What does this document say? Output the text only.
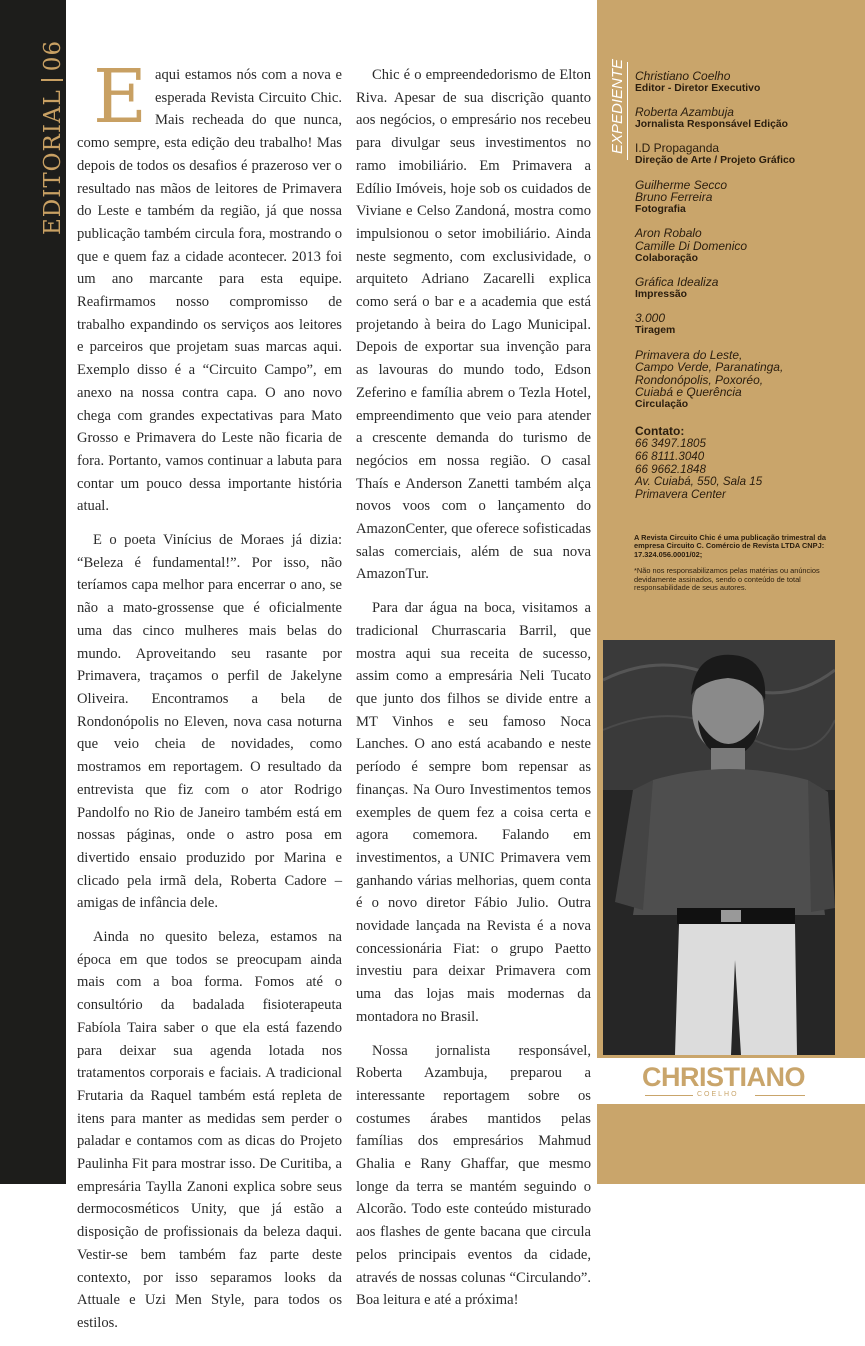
EDITORIAL06 Eaqui estamos nós com a nova e esperada Revista Circuito Chic. Mais recheada do que nunca, como sempre, esta edição deu trabalho! Mas depois de todos os desafios é prazeroso ver o resultado nas mãos de leitores de Primavera do Leste e também da região, já que nossa publicação também circula fora, mostrando o que e quem faz a cidade acontecer. 2013 foi um ano marcante para esta equipe. Reafirmamos nosso compromisso de trabalho expandindo os serviços aos leitores e parceiros que projetam suas marcas aqui. Exemplo disso é a “Circuito Campo”, em anexo na nossa contra capa. O ano novo chega com grandes expectativas para Mato Grosso e Primavera do Leste não ficaria de fora. Portanto, vamos continuar a labuta para contar um pouco dessa importante história atual.

E o poeta Vinícius de Moraes já dizia: “Beleza é fundamental!”. Por isso, não teríamos capa melhor para encerrar o ano, se não a mato-grossense que é oficialmente uma das cinco mulheres mais belas do mundo. Aproveitando seu rasante por Primavera, traçamos o perfil de Jakelyne Oliveira. Encontramos a bela de Rondonópolis no Eleven, nova casa noturna que veio cheia de novidades, como mostramos em reportagem. O resultado da entrevista que fiz com o ator Rodrigo Pandolfo no Rio de Janeiro também está em nossas páginas, onde o astro posa em divertido ensaio produzido por Marina e clicado pela irmã dela, Roberta Cadore –amigas de infância dele.

Ainda no quesito beleza, estamos na época em que todos se preocupam ainda mais com a boa forma. Fomos até o consultório da badalada fisioterapeuta Fabíola Taira saber o que ela está fazendo para deixar sua agenda lotada nos tratamentos corporais e faciais. A tradicional Frutaria da Raquel também está repleta de itens para manter as medidas sem perder o paladar e contamos com as dicas do Projeto Paulinha Fit para mostrar isso. De Curitiba, a empresária Taylla Zanoni explica sobre seus dermocosméticos Unity, que já estão a disposição de profissionais da beleza daqui. Vestir-se bem também faz parte deste contexto, por isso separamos looks da Attuale e Uzi Men Style, para todos os estilos.

Chic é o empreendedorismo de Elton Riva. Apesar de sua discrição quanto aos negócios, o empresário nos recebeu para divulgar seus investimentos no ramo imobiliário. Em Primavera a Edílio Imóveis, hoje sob os cuidados de Viviane e Celso Zandoná, mostra como impulsionou o setor imobiliário. Ainda neste segmento, com exclusividade, o arquiteto Adriano Zacarelli explica como será o bar e a academia que está projetando à beira do Lago Municipal. Depois de exportar sua invenção para as lavouras do mundo todo, Edson Zeferino e família abrem o Tezla Hotel, empreendimento que veio para atender a crescente demanda do turismo de negócios em nossa região. O casal Thaís e Anderson Zanetti também alça novos voos com o lançamento do AmazonCenter, que oferece sofisticadas salas comerciais, além de sua nova AmazonTur.

Para dar água na boca, visitamos a tradicional Churrascaria Barril, que mostra aqui sua receita de sucesso, assim como a empresária Neli Tucato que junto dos filhos se divide entre a MT Vinhos e seu famoso Noca Lanches. O ano está acabando e neste período é sempre bom repensar as finanças. Na Ouro Investimentos temos exemples de quem fez a coisa certa e agora comemora. Falando em investimentos, a UNIC Primavera vem ganhando várias melhorias, quem conta é o novo diretor Fábio Julio. Outra novidade lançada na Revista é a nova concessionária Fiat: o grupo Paetto investiu para deixar Primavera com uma das lojas mais modernas da montadora no Brasil.

Nossa jornalista responsável, Roberta Azambuja, preparou a interessante reportagem sobre os costumes árabes mantidos pelas famílias dos empresários Mahmud Ghalia e Rany Ghaffar, que mesmo longe da terra se mantém seguindo o Alcorão. Todo este conteúdo misturado aos flashes de gente bacana que circula pelos principais eventos da cidade, através de nossas colunas “Circulando”. Boa leitura e até a próxima!

EXPEDIENTE Christiano Coelho
Editor - Diretor Executivo
Roberta Azambuja
Jornalista Responsável Edição
I.D Propaganda
Direção de Arte / Projeto Gráfico
Guilherme Secco
Bruno Ferreira
Fotografia
Aron Robalo
Camille Di Domenico
Colaboração
Gráfica Idealiza
Impressão
3.000
Tiragem
Primavera do Leste,
Campo Verde, Paranatinga,
Rondonópolis, Poxoréo,
Cuiabá e Querência
Circulação
Contato:
66 3497.1805
66 8111.3040
66 9662.1848
Av. Cuiabá, 550, Sala 15
Primavera Center
A Revista Circuito Chic é uma publicação trimestral da empresa Circuito C. Comércio de Revista LTDA CNPJ: 17.324.056.0001/02;
*Não nos responsabilizamos pelas matérias ou anúncios devidamente assinados, sendo o conteúdo de total responsabilidade de seus autores.
CHRISTIANO
COELHO
